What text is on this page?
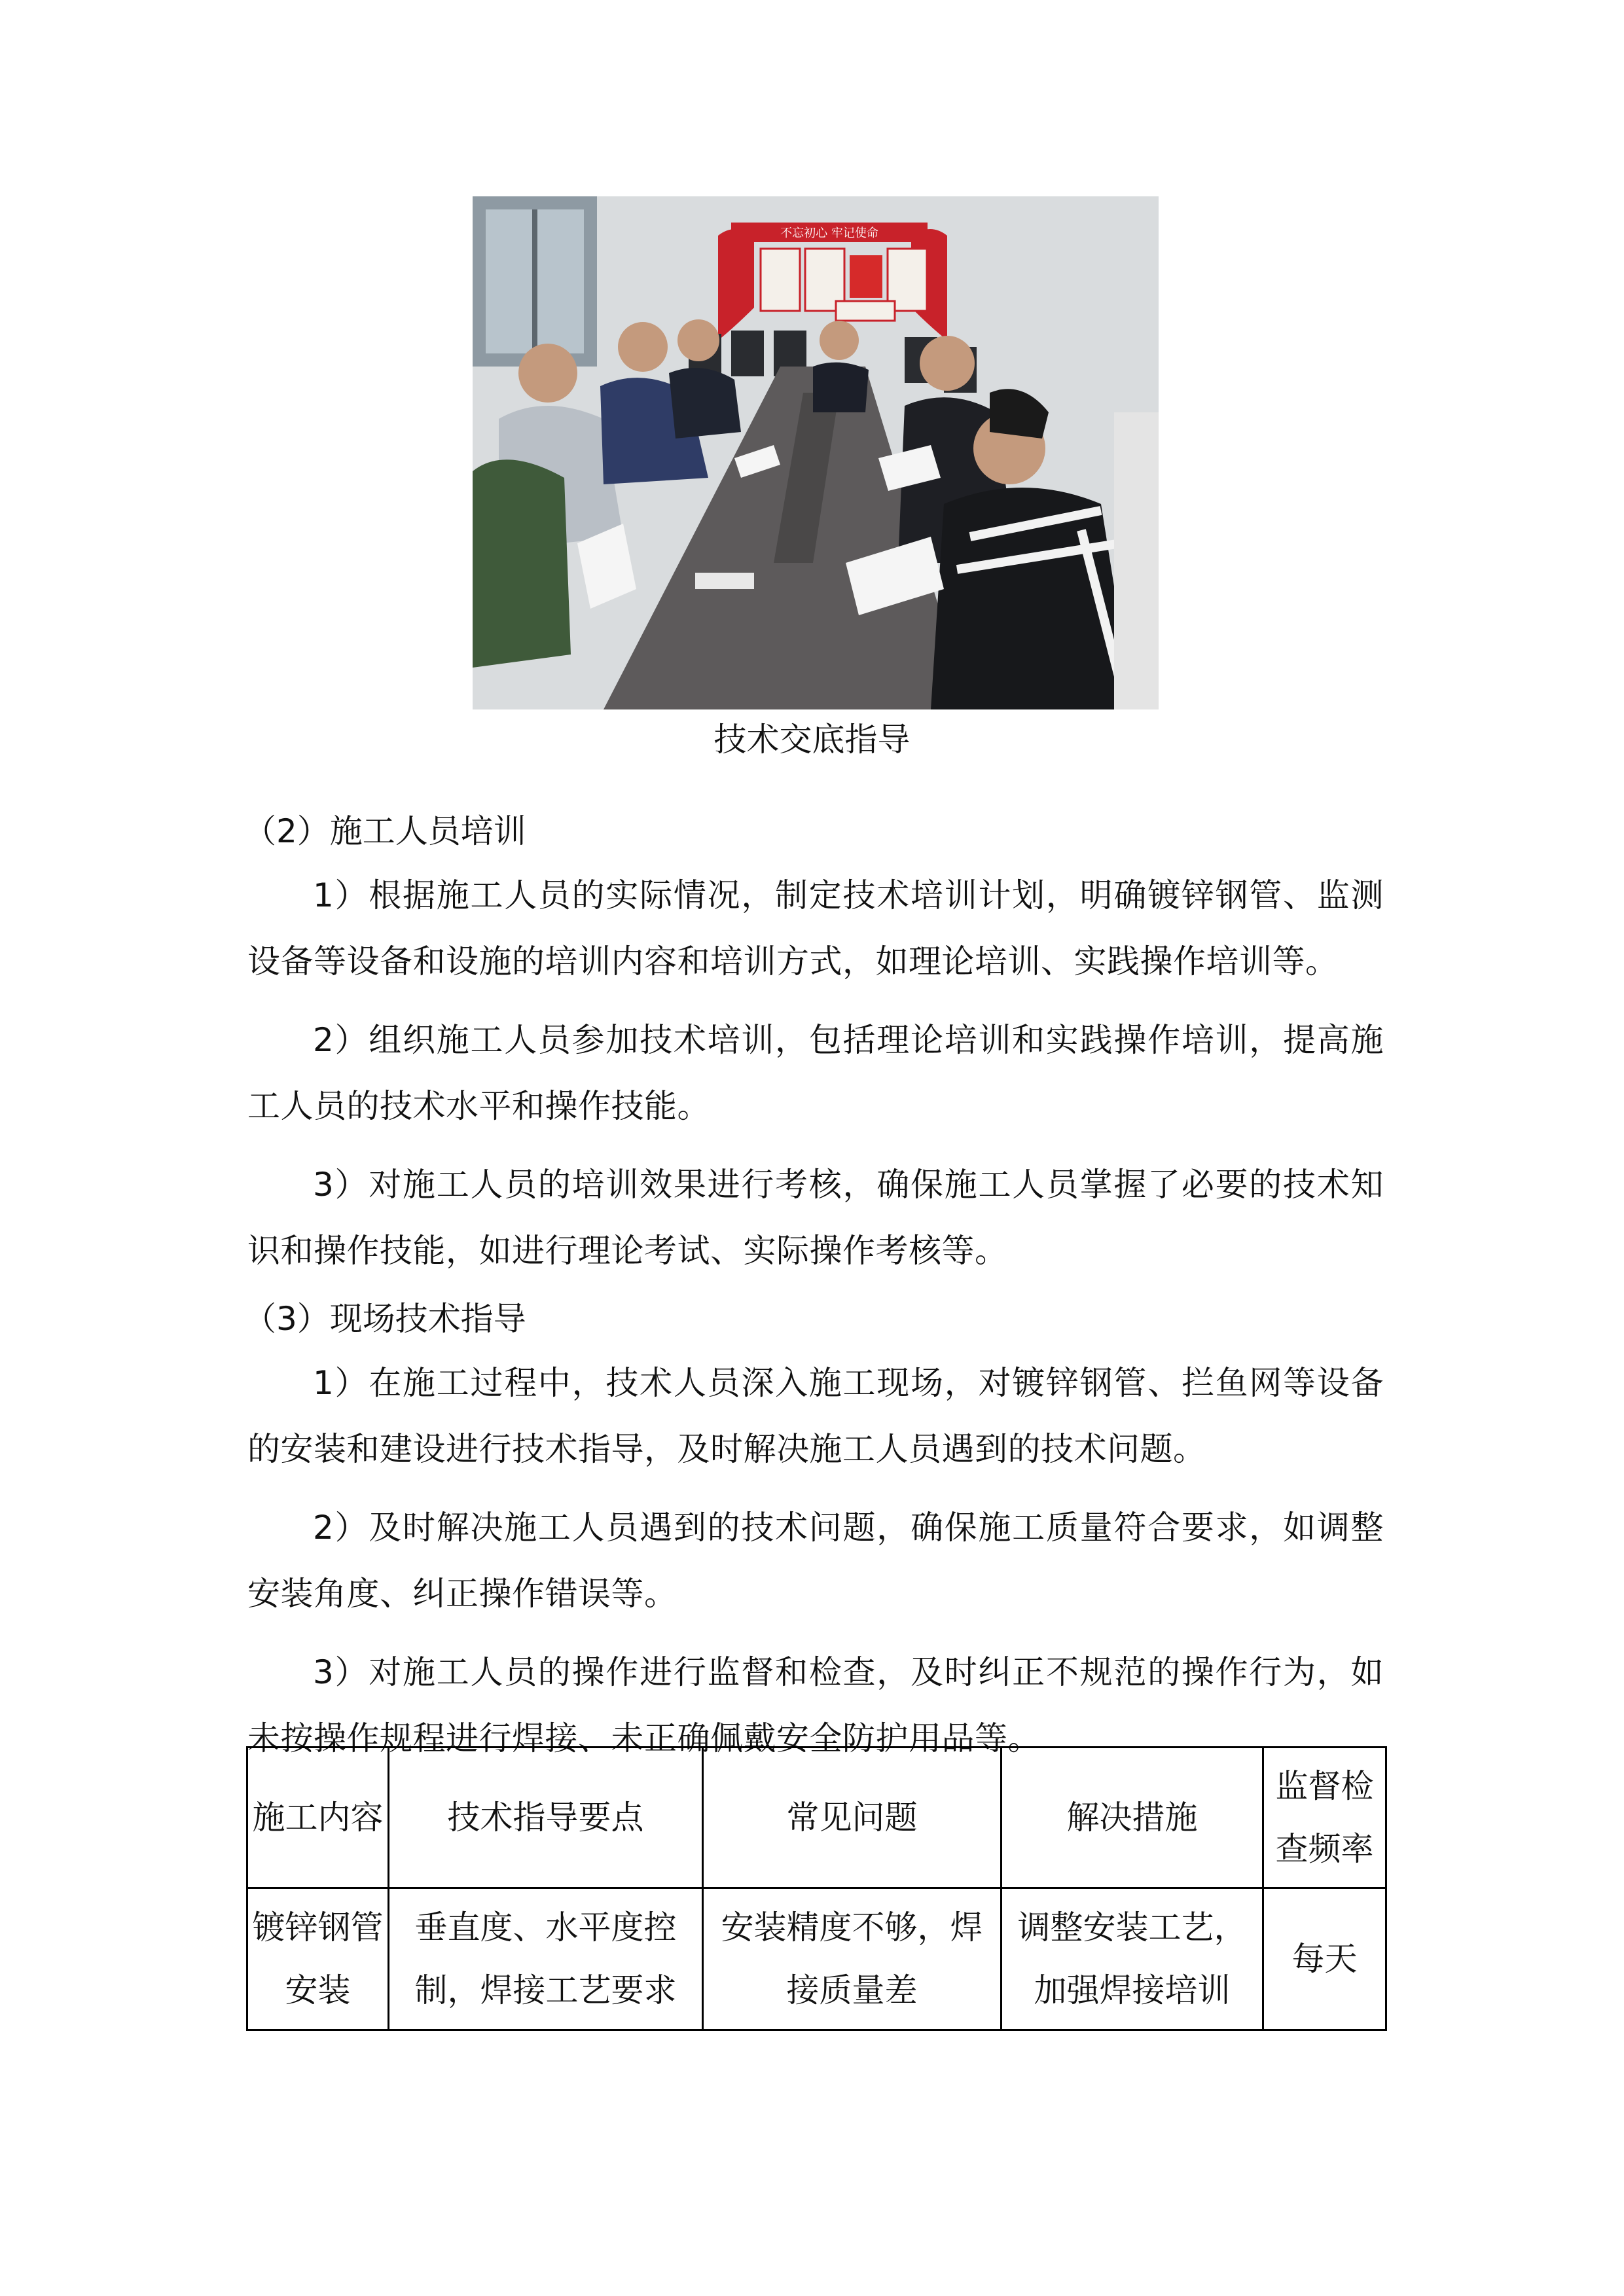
不忘初心 牢记使命
技术交底指导
（2）施工人员培训
1）根据施工人员的实际情况，制定技术培训计划，明确镀锌钢管、监测设备等设备和设施的培训内容和培训方式，如理论培训、实践操作培训等。
2）组织施工人员参加技术培训，包括理论培训和实践操作培训，提高施工人员的技术水平和操作技能。
3）对施工人员的培训效果进行考核，确保施工人员掌握了必要的技术知识和操作技能，如进行理论考试、实际操作考核等。
（3）现场技术指导
1）在施工过程中，技术人员深入施工现场，对镀锌钢管、拦鱼网等设备的安装和建设进行技术指导，及时解决施工人员遇到的技术问题。
2）及时解决施工人员遇到的技术问题，确保施工质量符合要求，如调整安装角度、纠正操作错误等。
3）对施工人员的操作进行监督和检查，及时纠正不规范的操作行为，如未按操作规程进行焊接、未正确佩戴安全防护用品等。
施工内容	技术指导要点	常见问题	解决措施	监督检查频率
镀锌钢管安装	垂直度、水平度控制，焊接工艺要求	安装精度不够，焊接质量差	调整安装工艺，加强焊接培训	每天
